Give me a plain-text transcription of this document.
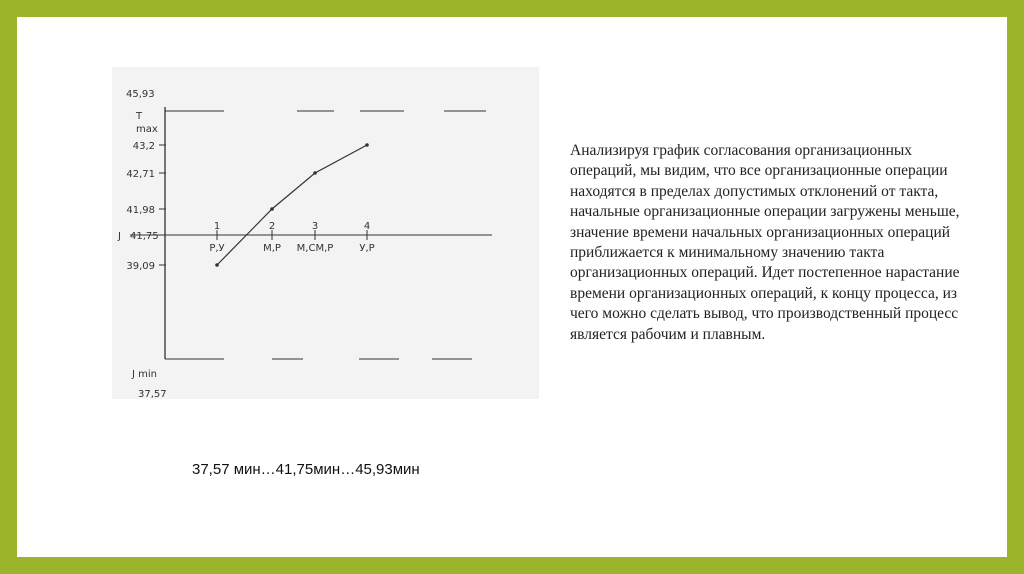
45,93
Т
max
Ј 41,75
Ј min
37,57
43,2
42,71
41,98
39,09
1
Р,У
2
М,Р
3
М,СМ,Р
4
У,Р
37,57 мин…41,75мин…45,93мин

Анализируя график согласования организационных операций, мы видим, что все организационные операции находятся в пределах допустимых отклонений от такта, начальные организационные операции загружены меньше, значение времени начальных организационных операций приближается к минимальному значению такта организационных операций. Идет постепенное нарастание времени организационных операций, к концу процесса, из чего можно сделать вывод, что производственный процесс является рабочим и плавным.
